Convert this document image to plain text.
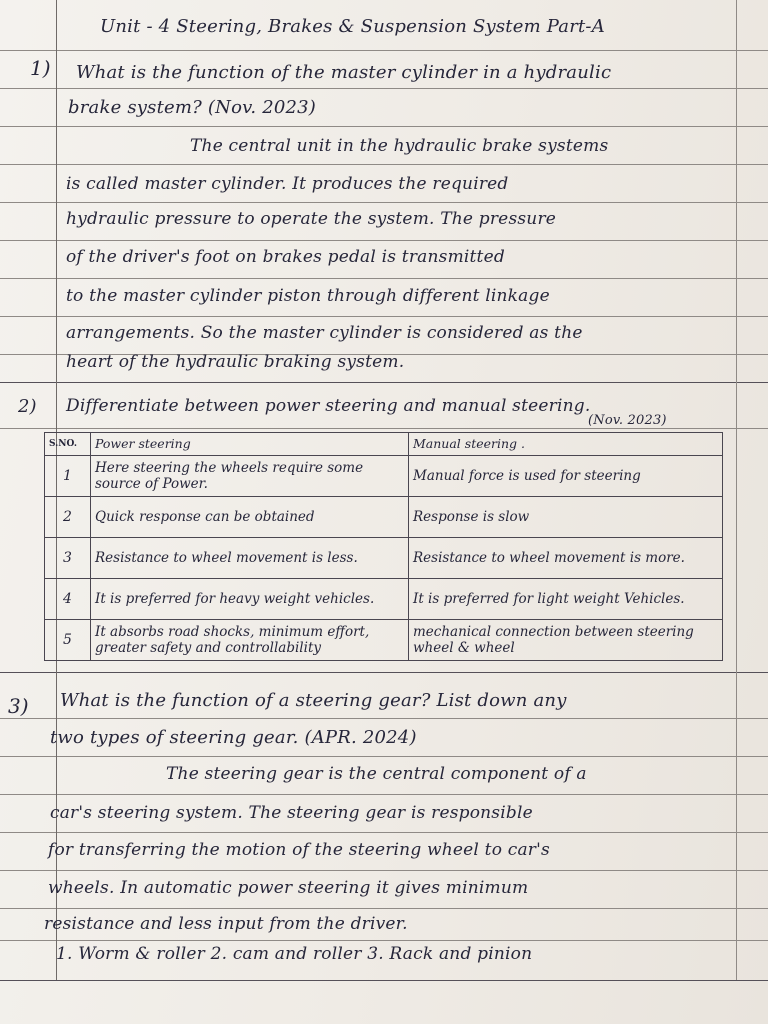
Unit - 4 Steering, Brakes & Suspension System Part-A
1) What is the function of the master cylinder in a hydraulic
brake system? (Nov. 2023)
The central unit in the hydraulic brake systems
is called master cylinder. It produces the required
hydraulic pressure to operate the system. The pressure
of the driver's foot on brakes pedal is transmitted
to the master cylinder piston through different linkage
arrangements. So the master cylinder is considered as the
heart of the hydraulic braking system.
2) Differentiate between power steering and manual steering.
(Nov. 2023)
S.NO.	Power steering	Manual steering .
1	Here steering the wheels require some source of Power.	Manual force is used for steering
2	Quick response can be obtained	Response is slow
3	Resistance to wheel movement is less.	Resistance to wheel movement is more.
4	It is preferred for heavy weight vehicles.	It is preferred for light weight Vehicles.
5	It absorbs road shocks, minimum effort, greater safety and controllability	mechanical connection between steering wheel & wheel
3) What is the function of a steering gear? List down any
two types of steering gear. (APR. 2024)
The steering gear is the central component of a
car's steering system. The steering gear is responsible
for transferring the motion of the steering wheel to car's
wheels. In automatic power steering it gives minimum
resistance and less input from the driver.
1. Worm & roller 2. cam and roller 3. Rack and pinion
